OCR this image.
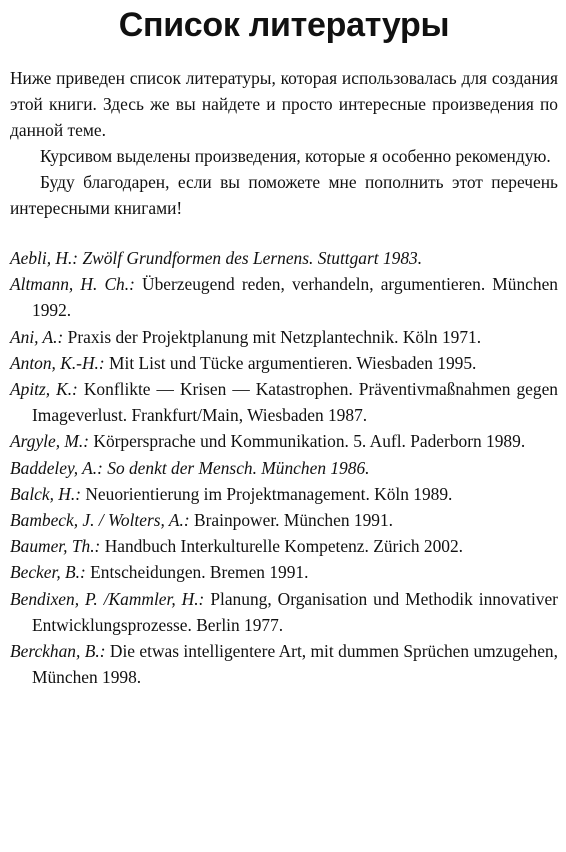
Список литературы

Ниже приведен список литературы, которая использовалась для создания этой книги. Здесь же вы найдете и просто интересные произведения по данной теме.

Курсивом выделены произведения, которые я особенно рекомендую.

Буду благодарен, если вы поможете мне пополнить этот перечень интересными книгами!

Aebli, H.: Zwölf Grundformen des Lernens. Stuttgart 1983.

Altmann, H. Ch.: Überzeugend reden, verhandeln, argumentieren. München 1992.

Ani, A.: Praxis der Projektplanung mit Netzplantechnik. Köln 1971.

Anton, K.-H.: Mit List und Tücke argumentieren. Wiesbaden 1995.

Apitz, K.: Konflikte — Krisen — Katastrophen. Präventivmaßnahmen gegen Imageverlust. Frankfurt/Main, Wiesbaden 1987.

Argyle, M.: Körpersprache und Kommunikation. 5. Aufl. Paderborn 1989.

Baddeley, A.: So denkt der Mensch. München 1986.

Balck, H.: Neuorientierung im Projektmanagement. Köln 1989.

Bambeck, J. / Wolters, A.: Brainpower. München 1991.

Baumer, Th.: Handbuch Interkulturelle Kompetenz. Zürich 2002.

Becker, B.: Entscheidungen. Bremen 1991.

Bendixen, P. /Kammler, H.: Planung, Organisation und Methodik innovativer Entwicklungsprozesse. Berlin 1977.

Berckhan, B.: Die etwas intelligentere Art, mit dummen Sprüchen umzugehen, München 1998.
